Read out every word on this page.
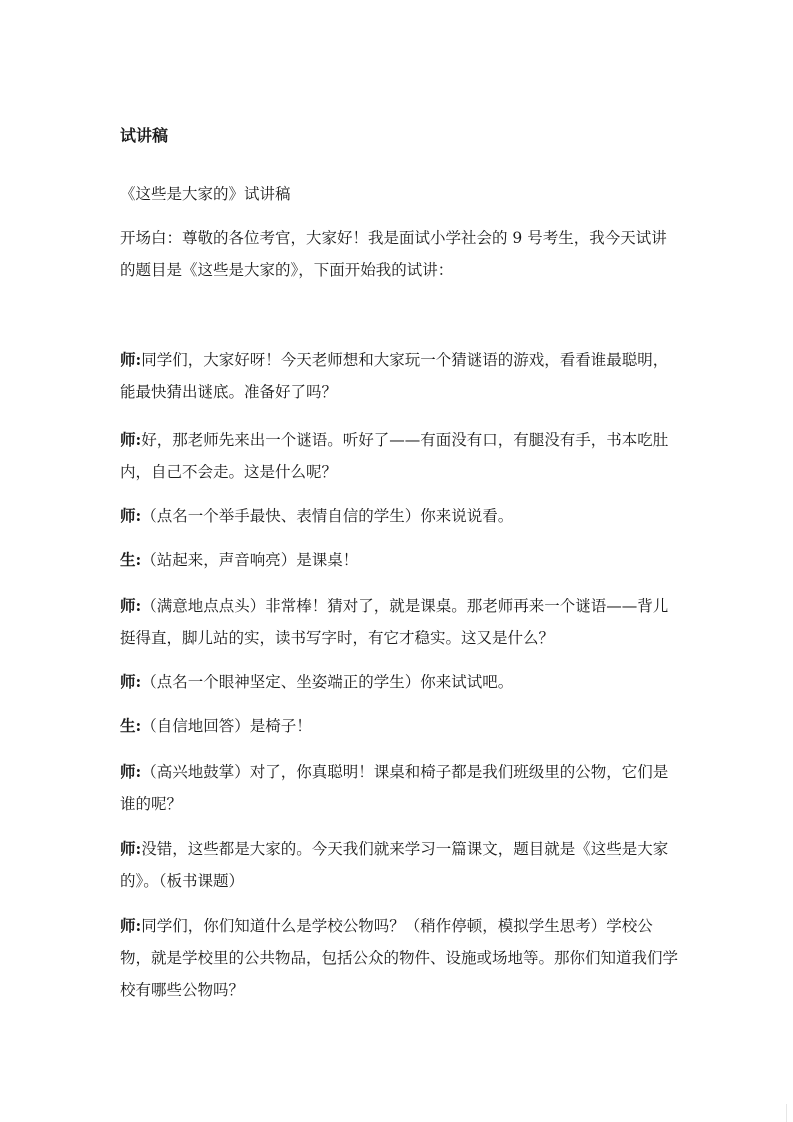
试讲稿

《这些是大家的》试讲稿

开场白：尊敬的各位考官，大家好！我是面试小学社会的 9 号考生，我今天试讲的题目是《这些是大家的》，下面开始我的试讲：

师:同学们，大家好呀！今天老师想和大家玩一个猜谜语的游戏，看看谁最聪明，能最快猜出谜底。准备好了吗？

师:好，那老师先来出一个谜语。听好了——有面没有口，有腿没有手，书本吃肚内，自己不会走。这是什么呢？

师:（点名一个举手最快、表情自信的学生）你来说说看。

生:（站起来，声音响亮）是课桌！

师:（满意地点点头）非常棒！猜对了，就是课桌。那老师再来一个谜语——背儿挺得直，脚儿站的实，读书写字时，有它才稳实。这又是什么？

师:（点名一个眼神坚定、坐姿端正的学生）你来试试吧。

生:（自信地回答）是椅子！

师:（高兴地鼓掌）对了，你真聪明！课桌和椅子都是我们班级里的公物，它们是谁的呢？

师:没错，这些都是大家的。今天我们就来学习一篇课文，题目就是《这些是大家的》。（板书课题）

师:同学们，你们知道什么是学校公物吗？（稍作停顿，模拟学生思考）学校公物，就是学校里的公共物品，包括公众的物件、设施或场地等。那你们知道我们学校有哪些公物吗？
